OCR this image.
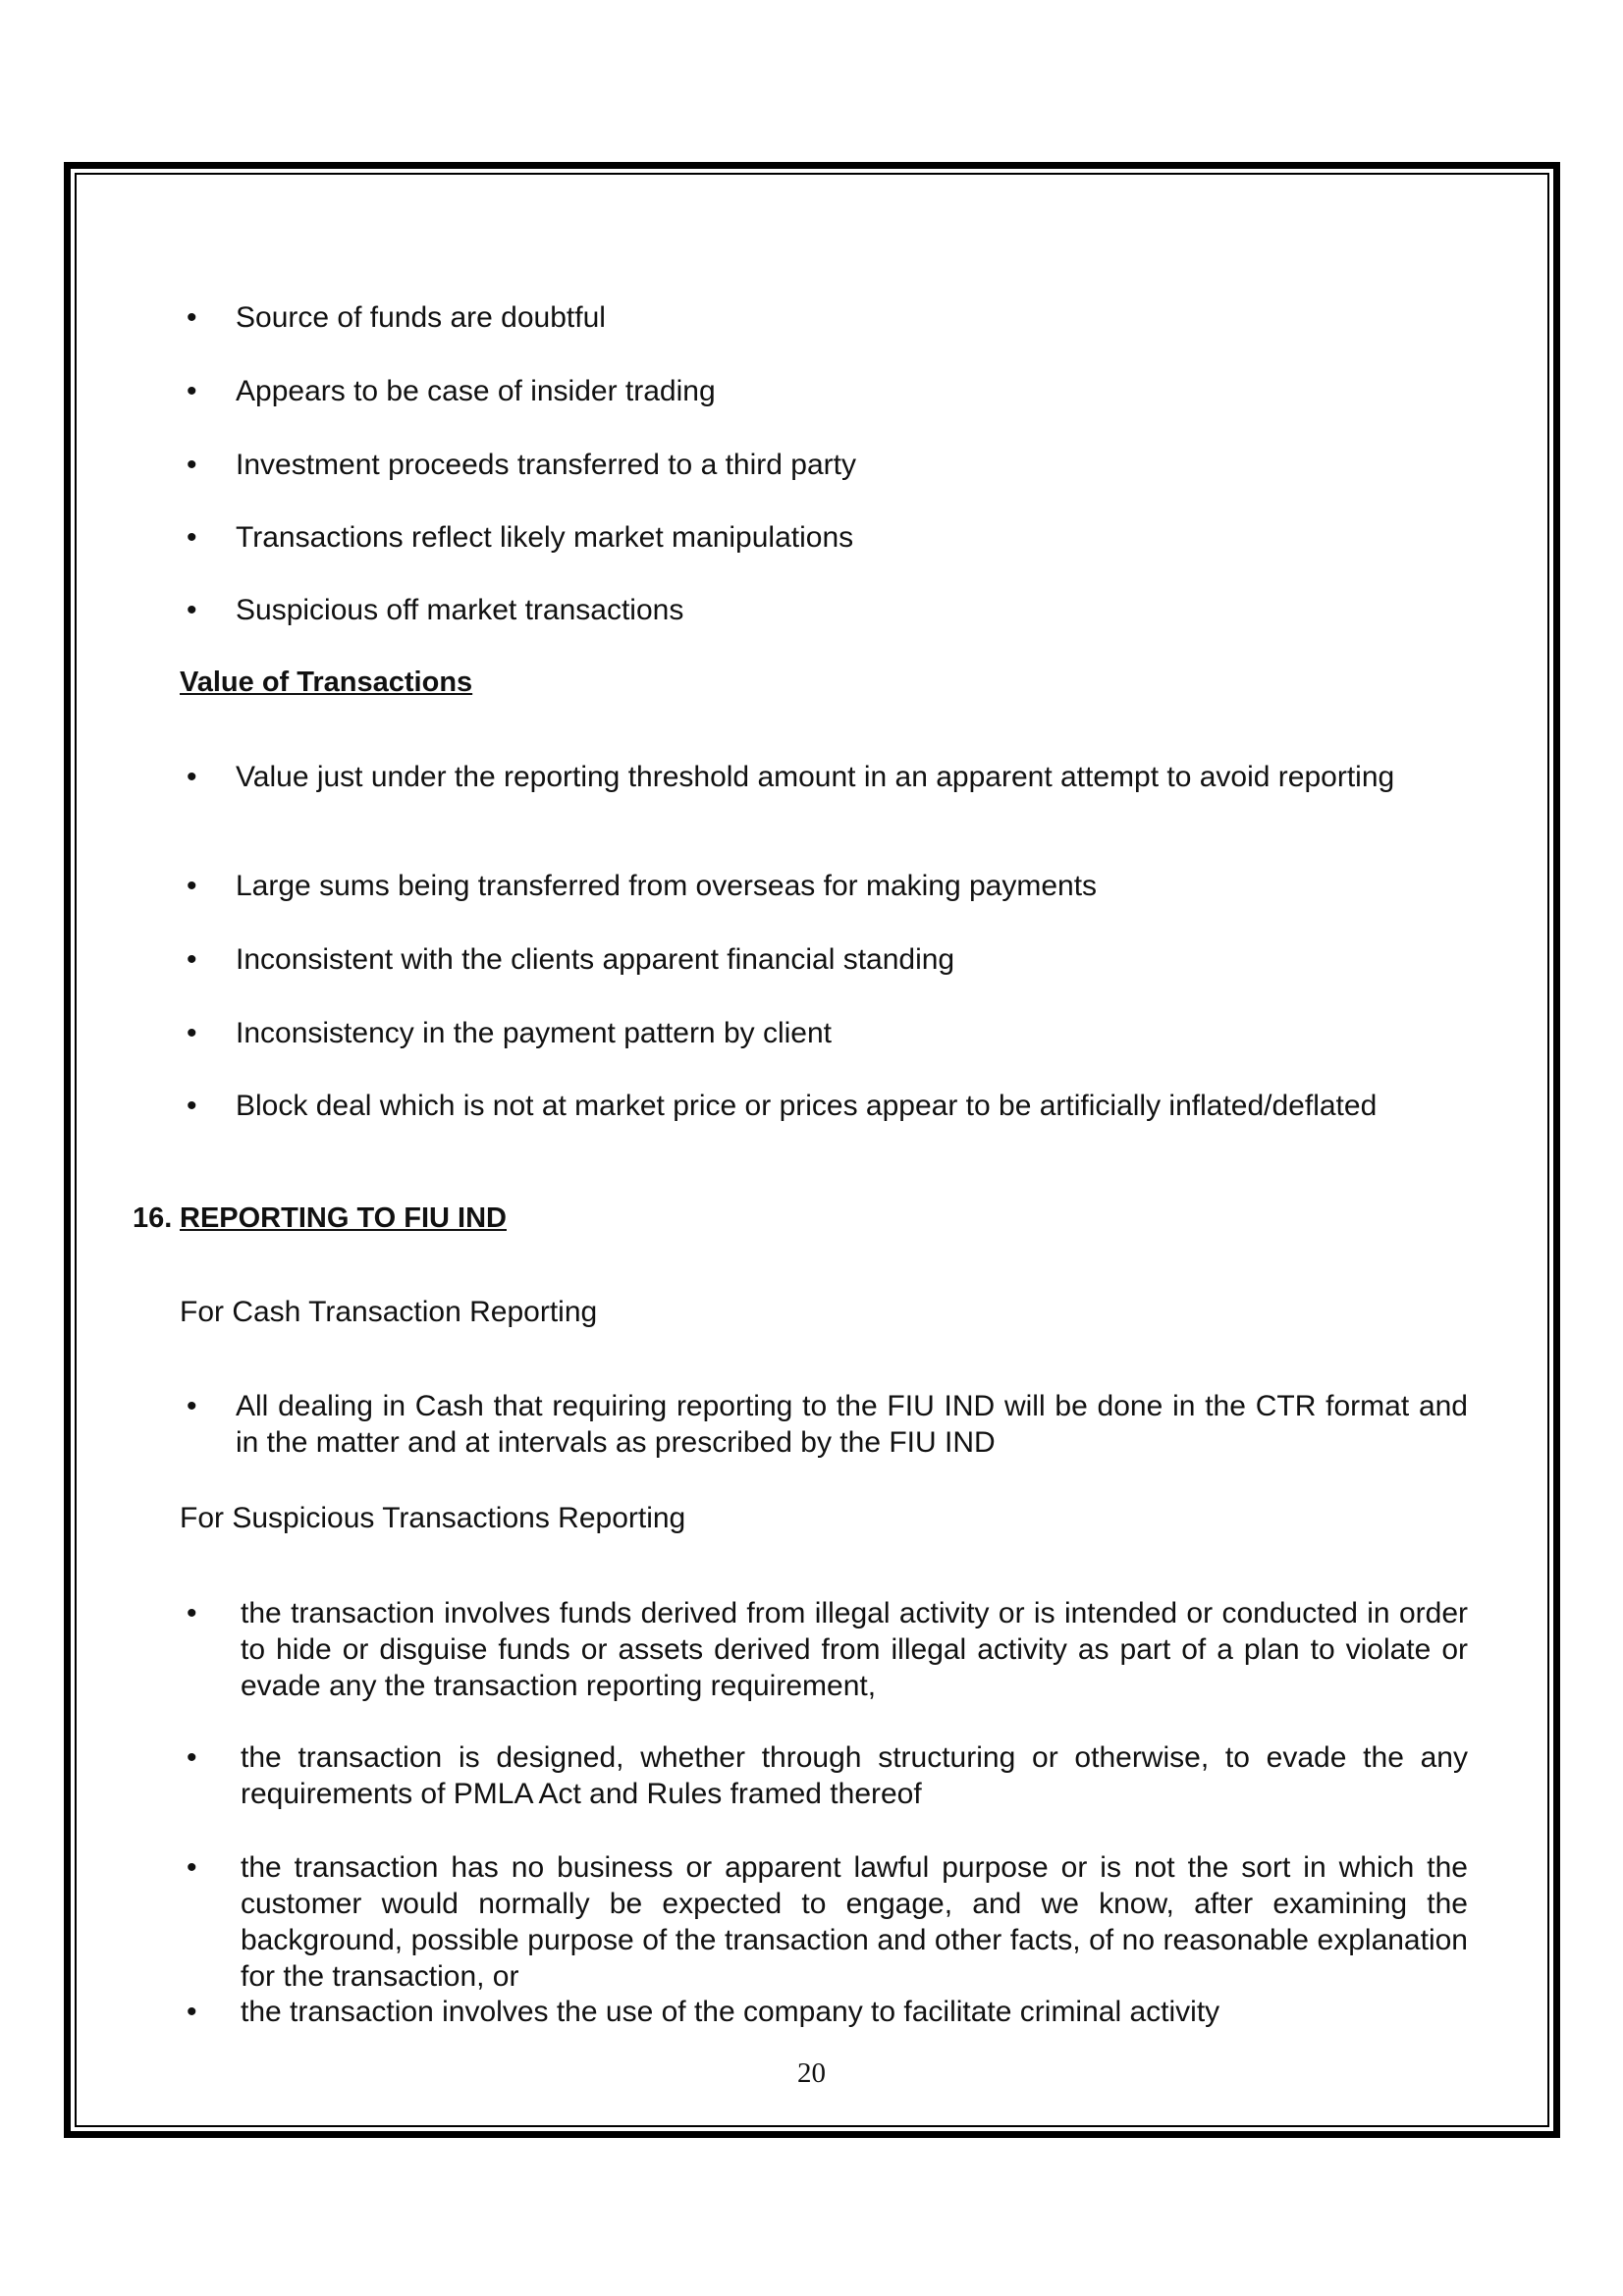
•	Source of funds are doubtful
•	Appears to be case of insider trading
•	Investment proceeds transferred to a third party
•	Transactions reflect likely market manipulations
•	Suspicious off market transactions
Value of Transactions
•	Value just under the reporting threshold amount in an apparent attempt to avoid reporting
•	Large sums being transferred from overseas for making payments
•	Inconsistent with the clients apparent financial standing
•	Inconsistency in the payment pattern by client
•	Block deal which is not at market price or prices appear to be artificially inflated/deflated
16. REPORTING TO FIU IND
For Cash Transaction Reporting
•	All dealing in Cash that requiring reporting to the FIU IND will be done in the CTR format and in the matter and at intervals as prescribed by the FIU IND
For Suspicious Transactions Reporting
•	the transaction involves funds derived from illegal activity or is intended or conducted in order to hide or disguise funds or assets derived from illegal activity as part of a plan to violate or evade any the transaction reporting requirement,
•	the transaction is designed, whether through structuring or otherwise, to evade the any requirements of PMLA Act and Rules framed thereof
•	the transaction has no business or apparent lawful purpose or is not the sort in which the customer would normally be expected to engage, and we know, after examining the background, possible purpose of the transaction and other facts, of no reasonable explanation for the transaction, or
•	the transaction involves the use of the company to facilitate criminal activity
20
